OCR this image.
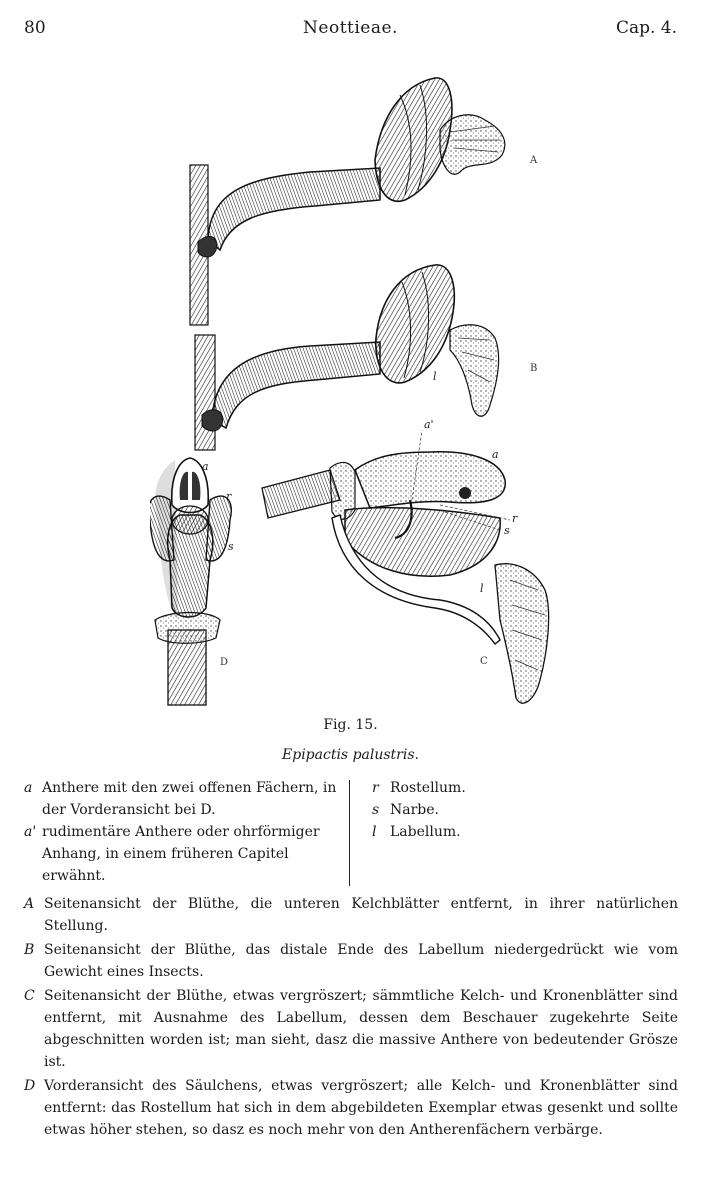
80	Neottieae.	Cap. 4.
A
B
l
a
r
s
D
a'
a
r
s
l
C
Fig. 15.
Epipactis palustris.
a Anthere mit den zwei offenen Fächern, in der Vorderansicht bei D.
a' rudimentäre Anthere oder ohrförmiger Anhang, in einem früheren Capitel erwähnt.
r Rostellum.
s Narbe.
l Labellum.
A Seitenansicht der Blüthe, die unteren Kelchblätter entfernt, in ihrer natürlichen Stellung.
B Seitenansicht der Blüthe, das distale Ende des Labellum niedergedrückt wie vom Gewicht eines Insects.
C Seitenansicht der Blüthe, etwas vergröszert; sämmtliche Kelch- und Kronenblätter sind entfernt, mit Ausnahme des Labellum, dessen dem Beschauer zugekehrte Seite abgeschnitten worden ist; man sieht, dasz die massive Anthere von bedeutender Grösze ist.
D Vorderansicht des Säulchens, etwas vergröszert; alle Kelch- und Kronenblätter sind entfernt: das Rostellum hat sich in dem abgebildeten Exemplar etwas gesenkt und sollte etwas höher stehen, so dasz es noch mehr von den Antherenfächern verbärge.
